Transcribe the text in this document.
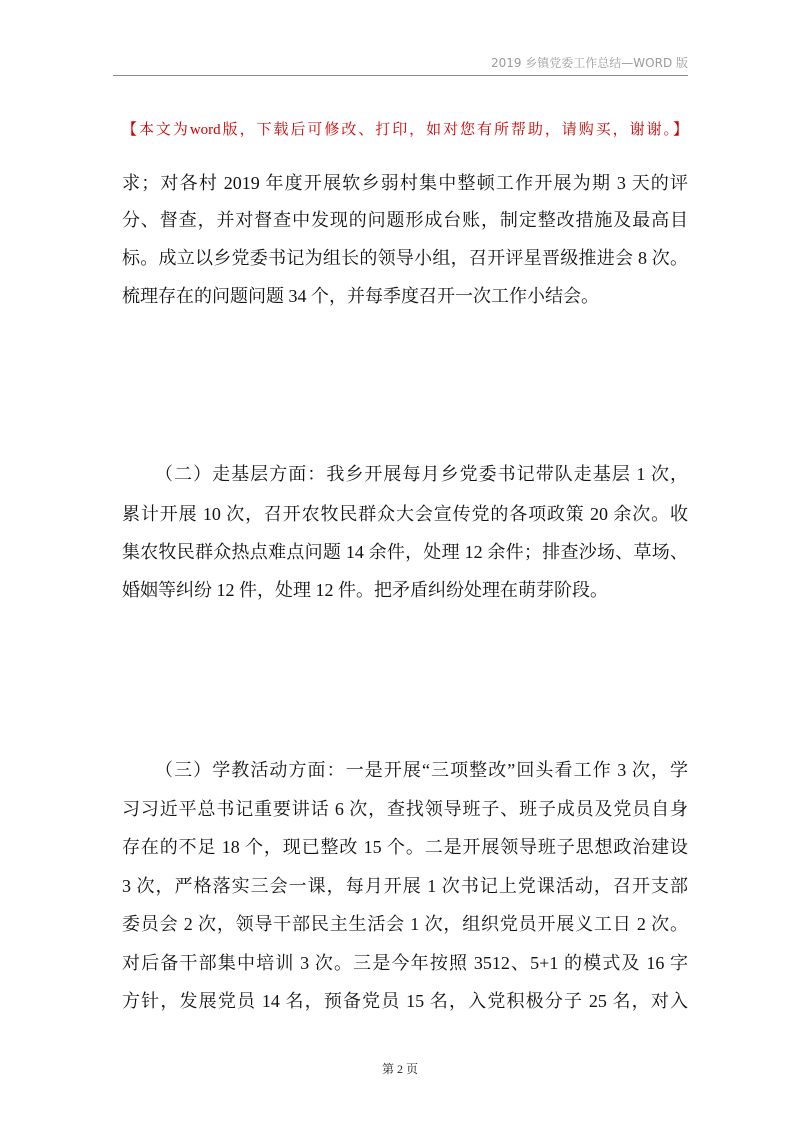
2019 乡镇党委工作总结—WORD 版
【本文为word版，下载后可修改、打印，如对您有所帮助，请购买，谢谢。】
求；对各村 2019 年度开展软乡弱村集中整顿工作开展为期 3 天的评
分、督查，并对督查中发现的问题形成台账，制定整改措施及最高目
标。成立以乡党委书记为组长的领导小组，召开评星晋级推进会 8 次。
梳理存在的问题问题 34 个，并每季度召开一次工作小结会。
（二）走基层方面：我乡开展每月乡党委书记带队走基层 1 次，
累计开展 10 次，召开农牧民群众大会宣传党的各项政策 20 余次。收
集农牧民群众热点难点问题 14 余件，处理 12 余件；排查沙场、草场、
婚姻等纠纷 12 件，处理 12 件。把矛盾纠纷处理在萌芽阶段。
（三）学教活动方面：一是开展“三项整改”回头看工作 3 次，学
习习近平总书记重要讲话 6 次，查找领导班子、班子成员及党员自身
存在的不足 18 个，现已整改 15 个。二是开展领导班子思想政治建设
3 次，严格落实三会一课，每月开展 1 次书记上党课活动，召开支部
委员会 2 次，领导干部民主生活会 1 次，组织党员开展义工日 2 次。
对后备干部集中培训 3 次。三是今年按照 3512、5+1 的模式及 16 字
方针，发展党员 14 名，预备党员 15 名，入党积极分子 25 名，对入
第 2 页
